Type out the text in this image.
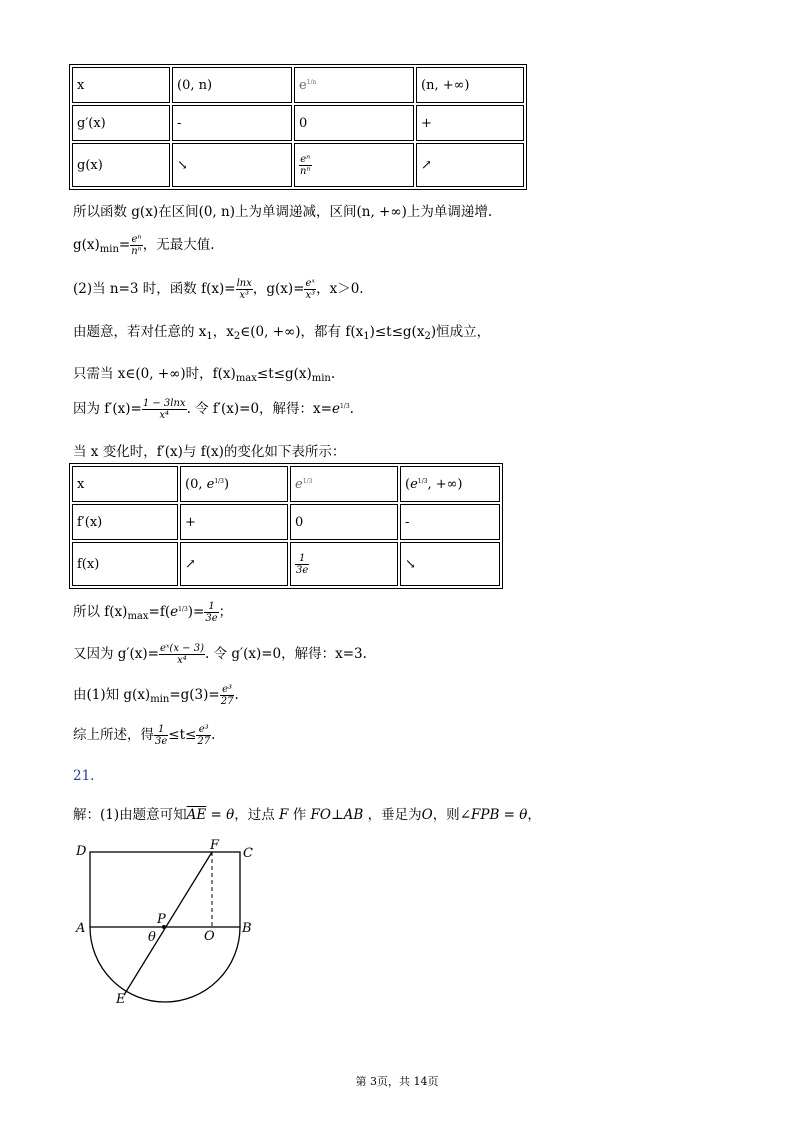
x	(0, n)	$e^{1/n}$	(n, +∞)
g′(x)	-	0	+
g(x)	↘	$\frac{\text{eⁿ}}{\text{nⁿ}}$	↗
所以函数 g(x)在区间(0, n)上为单调递减，区间(n, +∞)上为单调递增.
$g(x)_{min}= \frac{\text{eⁿ}}{\text{nⁿ}}$ ，无最大值.
(2)当 n=3 时，函数 $f(x)= \frac{\ln x}{\text{x³}}$ ，$g(x)= \frac{\text{eˣ}}{\text{x³}}$ ，x＞0.
由题意，若对任意的 $x_1$，$x_2\in(0$, +∞)，都有 $f(x_1)\le t\le g(x_2)$恒成立，
只需当 x∈(0, +∞)时，$f(x)_{max}\le t\le g(x)_{min}$.
因为 $f'(x)= \frac{1 - 3\ln x}{\text{x⁴}}$ . 令 f′(x)=0，解得：$x=e^{1/3}$.
当 x 变化时，f′(x)与 f(x)的变化如下表所示：
x	(0, $e^{1/3}$)	$e^{1/3}$	($e^{1/3}$, +∞)
f′(x)	+	0	-
f(x)	↗	$\frac{1}{3e}$	↘
所以 $f(x)_{max}=f(e^{1/3})= \frac{1}{3e}$ ；
又因为 $g'(x)= \frac{\text{eˣ(x − 3)}}{\text{x⁴}}$ . 令 g′(x)=0，解得：x=3.
由(1)知 $g(x)_{min}=g(3)= \frac{\text{e³}}{27}$ .
综上所述，得 $\frac{1}{3e} \le t\le \frac{\text{e³}}{27}$ .
21.
解：(1)由题意可知$\overline{AE} = \theta$，过点 F 作 FO⊥AB ，垂足为O，则∠FPB = θ，
D	C
F
A	B
P
O
θ
E
第 3页，共 14页
